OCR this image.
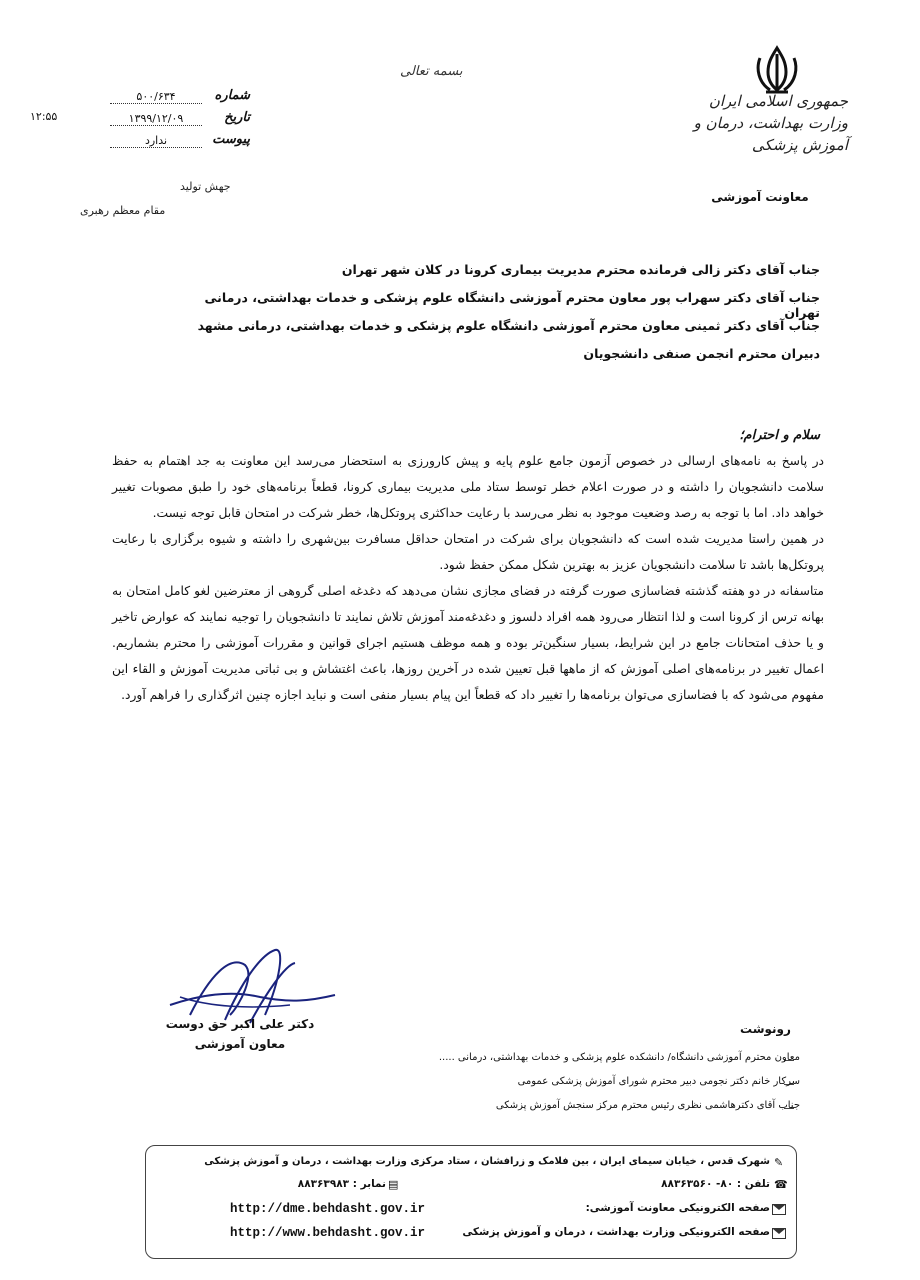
جمهوری اسلامی ایران
وزارت بهداشت، درمان و آموزش پزشکی
معاونت آموزشی
بسمه تعالی
شماره
۵۰۰/۶۳۴
تاریخ
۱۳۹۹/۱۲/۰۹
پیوست
ندارد
۱۲:۵۵
جهش تولید
مقام معظم رهبری
جناب آقای دکتر زالی فرمانده محترم مدیریت بیماری کرونا در کلان شهر تهران
جناب آقای دکتر سهراب پور معاون محترم آموزشی دانشگاه علوم پزشکی و خدمات بهداشتی، درمانی تهران
جناب آقای دکتر ثمینی معاون محترم آموزشی دانشگاه علوم پزشکی و خدمات بهداشتی، درمانی مشهد
دبیران محترم انجمن صنفی دانشجویان
سلام و احترام؛

در پاسخ به نامه‌های ارسالی در خصوص آزمون جامع علوم پایه و پیش کارورزی به استحضار می‌رسد این معاونت به جد اهتمام به حفظ سلامت دانشجویان را داشته و در صورت اعلام خطر توسط ستاد ملی مدیریت بیماری کرونا، قطعاً برنامه‌های خود را طبق مصوبات تغییر خواهد داد. اما با توجه به رصد وضعیت موجود به نظر می‌رسد با رعایت حداکثری پروتکل‌ها، خطر شرکت در امتحان قابل توجه نیست.

در همین راستا مدیریت شده است که دانشجویان برای شرکت در امتحان حداقل مسافرت بین‌شهری را داشته و شیوه برگزاری با رعایت پروتکل‌ها باشد تا سلامت دانشجویان عزیز به بهترین شکل ممکن حفظ شود.

متاسفانه در دو هفته گذشته فضاسازی صورت گرفته در فضای مجازی نشان می‌دهد که دغدغه اصلی گروهی از معترضین لغو کامل امتحان به بهانه ترس از کرونا است و لذا انتظار می‌رود همه افراد دلسوز و دغدغه‌مند آموزش تلاش نمایند تا دانشجویان را توجیه نمایند که عوارض تاخیر و یا حذف امتحانات جامع در این شرایط، بسیار سنگین‌تر بوده و همه موظف هستیم اجرای قوانین و مقررات آموزشی را محترم بشماریم. اعمال تغییر در برنامه‌های اصلی آموزش که از ماهها قبل تعیین شده در آخرین روزها، باعث اغتشاش و بی ثباتی مدیریت آموزش و القاء این مفهوم می‌شود که با فضاسازی می‌توان برنامه‌ها را تغییر داد که قطعاً این پیام بسیار منفی است و نباید اجازه چنین اثرگذاری را فراهم آورد.

دکتر علی اکبر حق دوست
معاون آموزشی
رونوشت
معاون محترم آموزشی دانشگاه/ دانشکده علوم پزشکی و خدمات بهداشتی، درمانی .....
سرکار خانم دکتر نجومی دبیر محترم شورای آموزش پزشکی عمومی
جناب آقای دکترهاشمی نظری رئیس محترم مرکز سنجش آموزش پزشکی
✎
شهرک قدس ، خیابان سیمای ایران ، بین فلامک و زرافشان ، ستاد مرکزی وزارت بهداشت ، درمان و آموزش پزشکی
☎
تلفن : ۸۰- ۸۸۳۶۳۵۶۰
▤
نمابر : ۸۸۳۶۳۹۸۳
صفحه الکترونیکی معاونت آموزشی:
http://dme.behdasht.gov.ir
صفحه الکترونیکی وزارت بهداشت ، درمان و آموزش پزشکی
http://www.behdasht.gov.ir
